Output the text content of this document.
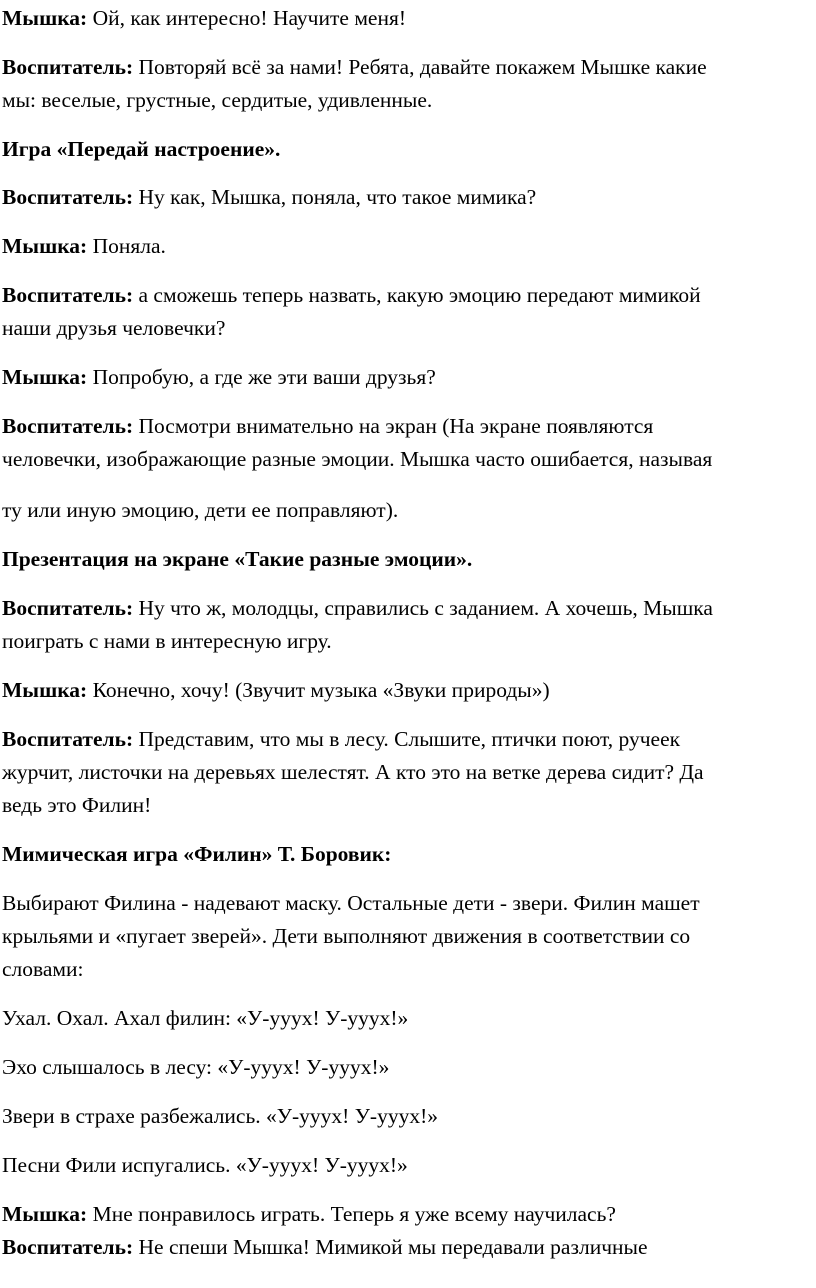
Мышка: Ой, как интересно! Научите меня!

Воспитатель: Повторяй всё за нами! Ребята, давайте покажем Мышке какие
мы: веселые, грустные, сердитые, удивленные.

Игра «Передай настроение».

Воспитатель: Ну как, Мышка, поняла, что такое мимика?

Мышка: Поняла.

Воспитатель: а сможешь теперь назвать, какую эмоцию передают мимикой
наши друзья человечки?

Мышка: Попробую, а где же эти ваши друзья?

Воспитатель: Посмотри внимательно на экран (На экране появляются
человечки, изображающие разные эмоции. Мышка часто ошибается, называя

ту или иную эмоцию, дети ее поправляют).

Презентация на экране «Такие разные эмоции».

Воспитатель: Ну что ж, молодцы, справились с заданием. А хочешь, Мышка
поиграть с нами в интересную игру.

Мышка: Конечно, хочу! (Звучит музыка «Звуки природы»)

Воспитатель: Представим, что мы в лесу. Слышите, птички поют, ручеек
журчит, листочки на деревьях шелестят. А кто это на ветке дерева сидит? Да
ведь это Филин!

Мимическая игра «Филин» Т. Боровик:

Выбирают Филина - надевают маску. Остальные дети - звери. Филин машет
крыльями и «пугает зверей». Дети выполняют движения в соответствии со
словами:

Ухал. Охал. Ахал филин: «У-уууx! У-уууx!»

Эхо слышалось в лесу: «У-уууx! У-уууx!»

Звери в страхе разбежались. «У-уууx! У-уууx!»

Песни Фили испугались. «У-уууx! У-уууx!»

Мышка: Мне понравилось играть. Теперь я уже всему научилась?

Воспитатель: Не спеши Мышка! Мимикой мы передавали различные
